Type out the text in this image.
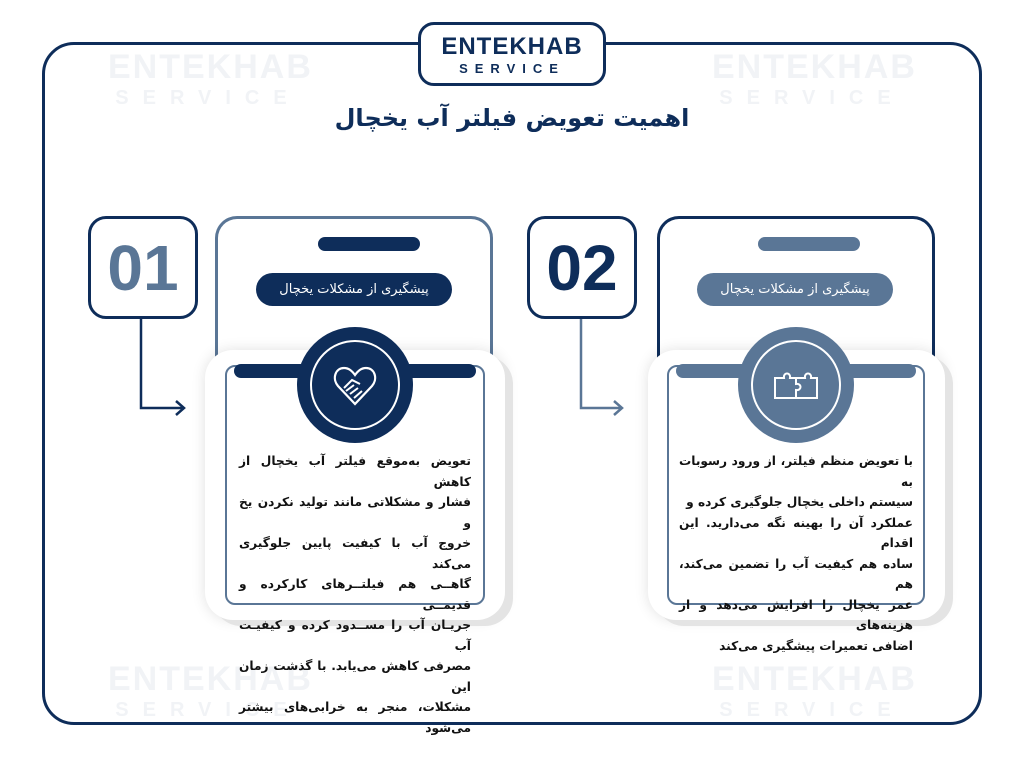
ENTEKHAB
SERVICE
ENTEKHAB
SERVICE
ENTEKHAB
SERVICE
ENTEKHAB
SERVICE
ENTEKHAB
SERVICE
اهمیت تعویض فیلتر آب یخچال
01	پیشگیری از مشکلات یخچال
تعویض به‌موقع فیلتر آب یخچال از کاهش
فشار و مشکلاتی مانند تولید نکردن یخ و
خروج آب با کیفیت پایین جلوگیری می‌کند
گاهــی هم فیلتــرهای کارکرده و قدیمــی
جریـان آب را مســدود کرده و کیفیـت آب
مصرفی کاهش می‌یابد. با گذشت زمان این
مشکلات، منجر به خرابی‌های بیشتر می‌شود
02	پیشگیری از مشکلات یخچال
با تعویض منظم فیلتر، از ورود رسوبات به
سیستم داخلی یخچال جلوگیری کرده و
عملکرد آن را بهینه نگه می‌دارید. این اقدام
ساده هم کیفیت آب را تضمین می‌کند، هم
عمر یخچال را افزایش می‌دهد و از هزینه‌های
اضافی تعمیرات پیشگیری می‌کند
